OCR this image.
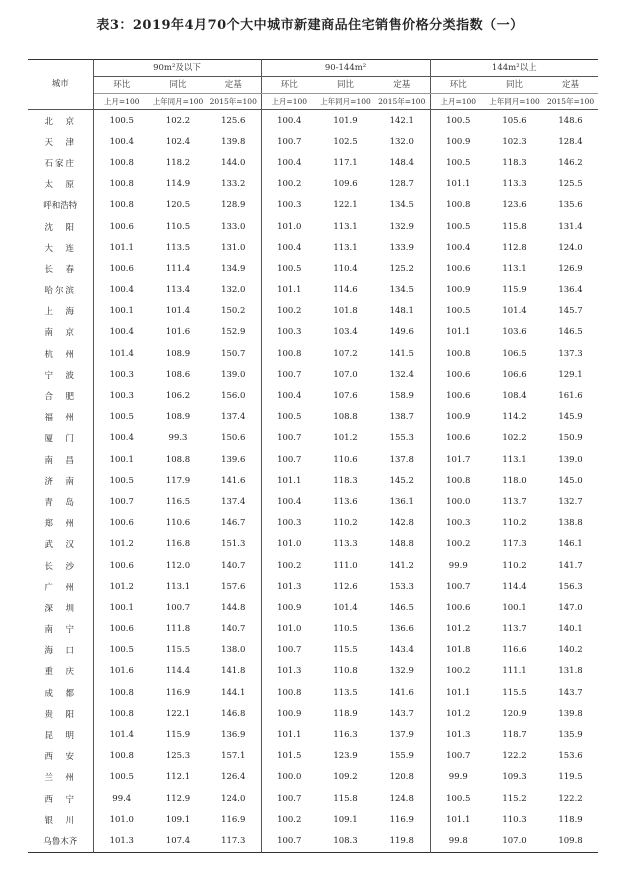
表3：2019年4月70个大中城市新建商品住宅销售价格分类指数（一）
城市	90m²及以下			90-144m²			144m²以上		
	环比	同比	定基	环比	同比	定基	环比	同比	定基
	上月=100	上年同月=100	2015年=100	上月=100	上年同月=100	2015年=100	上月=100	上年同月=100	2015年=100
北　京	100.5	102.2	125.6	100.4	101.9	142.1	100.5	105.6	148.6
天　津	100.4	102.4	139.8	100.7	102.5	132.0	100.9	102.3	128.4
石家庄	100.8	118.2	144.0	100.4	117.1	148.4	100.5	118.3	146.2
太　原	100.8	114.9	133.2	100.2	109.6	128.7	101.1	113.3	125.5
呼和浩特	100.8	120.5	128.9	100.3	122.1	134.5	100.8	123.6	135.6
沈　阳	100.6	110.5	133.0	101.0	113.1	132.9	100.5	115.8	131.4
大　连	101.1	113.5	131.0	100.4	113.1	133.9	100.4	112.8	124.0
长　春	100.6	111.4	134.9	100.5	110.4	125.2	100.6	113.1	126.9
哈尔滨	100.4	113.4	132.0	101.1	114.6	134.5	100.9	115.9	136.4
上　海	100.1	101.4	150.2	100.2	101.8	148.1	100.5	101.4	145.7
南　京	100.4	101.6	152.9	100.3	103.4	149.6	101.1	103.6	146.5
杭　州	101.4	108.9	150.7	100.8	107.2	141.5	100.8	106.5	137.3
宁　波	100.3	108.6	139.0	100.7	107.0	132.4	100.6	106.6	129.1
合　肥	100.3	106.2	156.0	100.4	107.6	158.9	100.6	108.4	161.6
福　州	100.5	108.9	137.4	100.5	108.8	138.7	100.9	114.2	145.9
厦　门	100.4	99.3	150.6	100.7	101.2	155.3	100.6	102.2	150.9
南　昌	100.1	108.8	139.6	100.7	110.6	137.8	101.7	113.1	139.0
济　南	100.5	117.9	141.6	101.1	118.3	145.2	100.8	118.0	145.0
青　岛	100.7	116.5	137.4	100.4	113.6	136.1	100.0	113.7	132.7
郑　州	100.6	110.6	146.7	100.3	110.2	142.8	100.3	110.2	138.8
武　汉	101.2	116.8	151.3	101.0	113.3	148.8	100.2	117.3	146.1
长　沙	100.6	112.0	140.7	100.2	111.0	141.2	99.9	110.2	141.7
广　州	101.2	113.1	157.6	101.3	112.6	153.3	100.7	114.4	156.3
深　圳	100.1	100.7	144.8	100.9	101.4	146.5	100.6	100.1	147.0
南　宁	100.6	111.8	140.7	101.0	110.5	136.6	101.2	113.7	140.1
海　口	100.5	115.5	138.0	100.7	115.5	143.4	101.8	116.6	140.2
重　庆	101.6	114.4	141.8	101.3	110.8	132.9	100.2	111.1	131.8
成　都	100.8	116.9	144.1	100.8	113.5	141.6	101.1	115.5	143.7
贵　阳	100.8	122.1	146.8	100.9	118.9	143.7	101.2	120.9	139.8
昆　明	101.4	115.9	136.9	101.1	116.3	137.9	101.3	118.7	135.9
西　安	100.8	125.3	157.1	101.5	123.9	155.9	100.7	122.2	153.6
兰　州	100.5	112.1	126.4	100.0	109.2	120.8	99.9	109.3	119.5
西　宁	99.4	112.9	124.0	100.7	115.8	124.8	100.5	115.2	122.2
银　川	101.0	109.1	116.9	100.2	109.1	116.9	101.1	110.3	118.9
乌鲁木齐	101.3	107.4	117.3	100.7	108.3	119.8	99.8	107.0	109.8
